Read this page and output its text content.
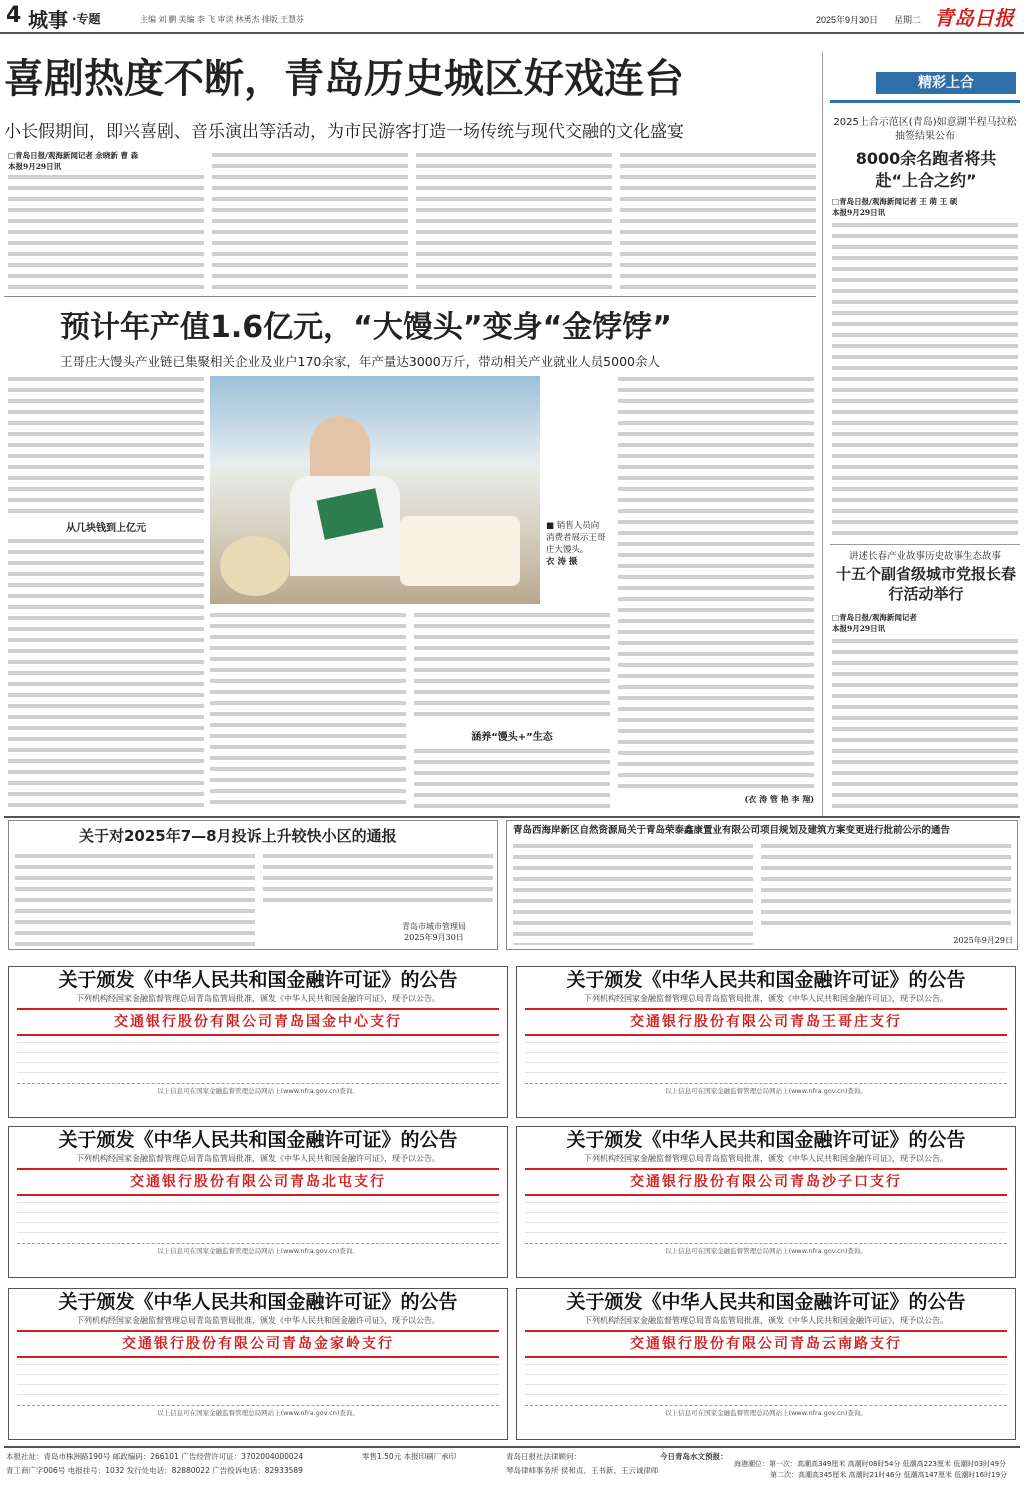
4 城事 ·专题	主编 刘 鹏 美编 李 飞 审读 林勇杰 排版 王慧芬	2025年9月30日 星期二 青岛日报
喜剧热度不断，青岛历史城区好戏连台
小长假期间，即兴喜剧、音乐演出等活动，为市民游客打造一场传统与现代交融的文化盛宴
□青岛日报/观海新闻记者 余晓新 曹 森
本报9月29日讯
预计年产值1.6亿元，“大馒头”变身“金饽饽”
王哥庄大馒头产业链已集聚相关企业及业户170余家，年产量达3000万斤，带动相关产业就业人员5000余人
从几块钱到上亿元	■ 销售人员向消费者展示王哥庄大馒头。
衣 涛 摄
涵养“馒头+”生态
(衣 涛 管 艳 李 翔)
精彩上合
2025上合示范区(青岛)如意湖半程马拉松抽签结果公布
8000余名跑者将共赴“上合之约”
□青岛日报/观海新闻记者 王 萌 王 硕
本报9月29日讯
讲述长春产业故事历史故事生态故事
十五个副省级城市党报长春行活动举行
□青岛日报/观海新闻记者
本报9月29日讯
关于对2025年7—8月投诉上升较快小区的通报
青岛市城市管理局
2025年9月30日
青岛西海岸新区自然资源局关于青岛荣泰鑫康置业有限公司项目规划及建筑方案变更进行批前公示的通告
2025年9月29日
关于颁发《中华人民共和国金融许可证》的公告
下列机构经国家金融监督管理总局青岛监管局批准，颁发《中华人民共和国金融许可证》，现予以公告。
交通银行股份有限公司青岛国金中心支行
以上信息可在国家金融监督管理总局网站上(www.nfra.gov.cn)查询。
关于颁发《中华人民共和国金融许可证》的公告
下列机构经国家金融监督管理总局青岛监管局批准，颁发《中华人民共和国金融许可证》，现予以公告。
交通银行股份有限公司青岛王哥庄支行
以上信息可在国家金融监督管理总局网站上(www.nfra.gov.cn)查询。
关于颁发《中华人民共和国金融许可证》的公告
下列机构经国家金融监督管理总局青岛监管局批准，颁发《中华人民共和国金融许可证》，现予以公告。
交通银行股份有限公司青岛北屯支行
以上信息可在国家金融监督管理总局网站上(www.nfra.gov.cn)查询。
关于颁发《中华人民共和国金融许可证》的公告
下列机构经国家金融监督管理总局青岛监管局批准，颁发《中华人民共和国金融许可证》，现予以公告。
交通银行股份有限公司青岛沙子口支行
以上信息可在国家金融监督管理总局网站上(www.nfra.gov.cn)查询。
关于颁发《中华人民共和国金融许可证》的公告
下列机构经国家金融监督管理总局青岛监管局批准，颁发《中华人民共和国金融许可证》，现予以公告。
交通银行股份有限公司青岛金家岭支行
以上信息可在国家金融监督管理总局网站上(www.nfra.gov.cn)查询。
关于颁发《中华人民共和国金融许可证》的公告
下列机构经国家金融监督管理总局青岛监管局批准，颁发《中华人民共和国金融许可证》，现予以公告。
交通银行股份有限公司青岛云南路支行
以上信息可在国家金融监督管理总局网站上(www.nfra.gov.cn)查询。
本报社址：青岛市株洲路190号 邮政编码：266101 广告经营许可证：3702004000024
青工商广字006号 电报挂号：1032 发行处电话：82880022 广告投诉电话：82933589
零售1.50元 本报印刷厂承印	青岛日报社法律顾问：
琴岛律师事务所 侯和贞、王书新、王云诚律师
今日青岛水文预报：
海港潮位：第一次：高潮高349厘米 高潮时08时54分 低潮高223厘米 低潮时03时49分
第二次：高潮高345厘米 高潮时21时46分 低潮高147厘米 低潮时16时19分
